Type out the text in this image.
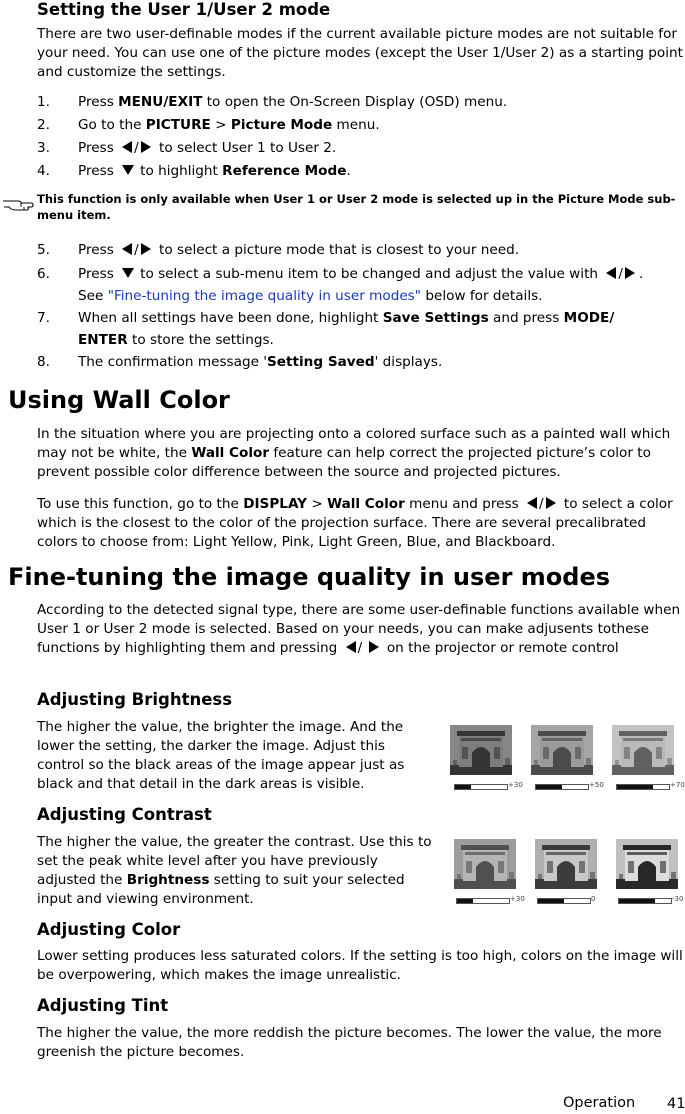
Setting the User 1/User 2 mode
There are two user-definable modes if the current available picture modes are not suitable for your need. You can use one of the picture modes (except the User 1/User 2) as a starting point and customize the settings.
1. Press MENU/EXIT to open the On-Screen Display (OSD) menu.
2. Go to the PICTURE > Picture Mode menu.
3. Press / to select User 1 to User 2.
4. Press to highlight Reference Mode.
This function is only available when User 1 or User 2 mode is selected up in the Picture Mode sub-menu item.
5. Press / to select a picture mode that is closest to your need.
6. Press to select a sub-menu item to be changed and adjust the value with / .
See "Fine-tuning the image quality in user modes" below for details.
7. When all settings have been done, highlight Save Settings and press MODE/
ENTER to store the settings.
8. The confirmation message 'Setting Saved' displays.
Using Wall Color
In the situation where you are projecting onto a colored surface such as a painted wall which may not be white, the Wall Color feature can help correct the projected picture’s color to prevent possible color difference between the source and projected pictures.
To use this function, go to the DISPLAY > Wall Color menu and press / to select a color which is the closest to the color of the projection surface. There are several precalibrated colors to choose from: Light Yellow, Pink, Light Green, Blue, and Blackboard.
Fine-tuning the image quality in user modes
According to the detected signal type, there are some user-definable functions available when User 1 or User 2 mode is selected. Based on your needs, you can make adjusents tothese functions by highlighting them and pressing /  on the projector or remote control
Adjusting Brightness
The higher the value, the brighter the image. And the lower the setting, the darker the image. Adjust this control so the black areas of the image appear just as black and that detail in the dark areas is visible.	+30	+50	+70
Adjusting Contrast
The higher the value, the greater the contrast. Use this to set the peak white level after you have previously adjusted the Brightness setting to suit your selected input and viewing environment.	+30	0	-30
Adjusting Color
Lower setting produces less saturated colors. If the setting is too high, colors on the image will be overpowering, which makes the image unrealistic.
Adjusting Tint
The higher the value, the more reddish the picture becomes. The lower the value, the more greenish the picture becomes.
Operation 41
